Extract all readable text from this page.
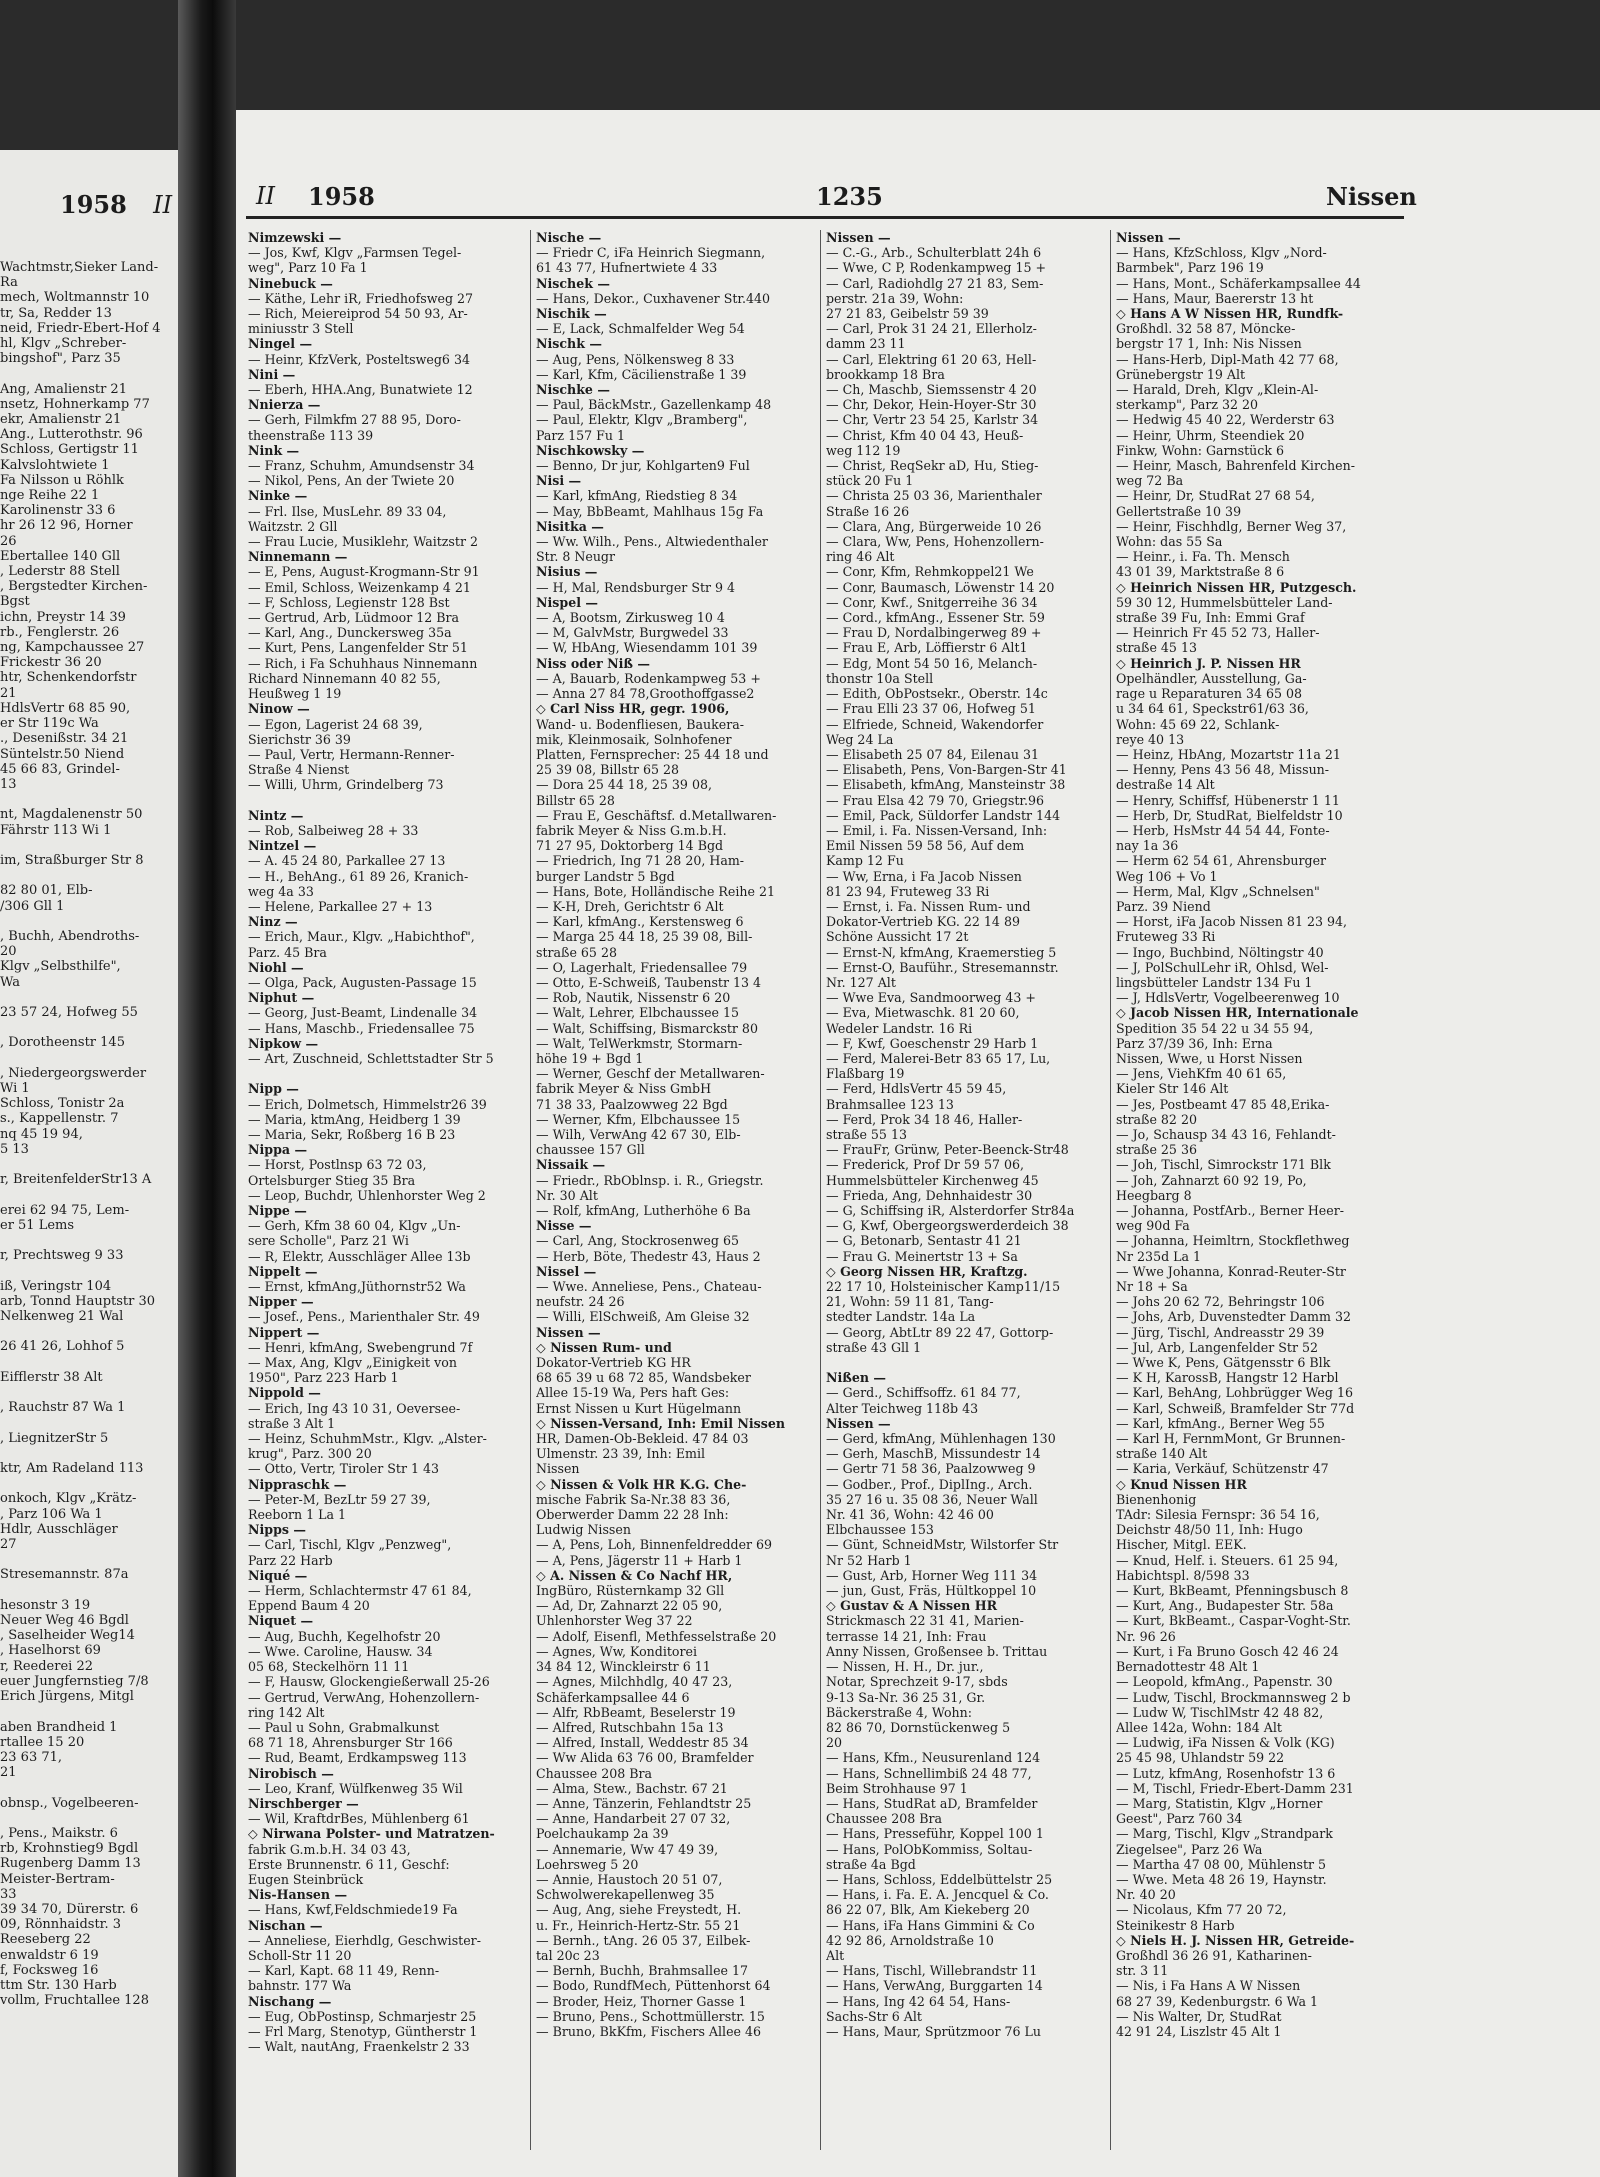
1958 II
Wachtmstr,Sieker Land-
Ra
mech, Woltmannstr 10
tr, Sa, Redder 13
neid, Friedr-Ebert-Hof 4
hl, Klgv „Schreber-
bingshof", Parz 35

Ang, Amalienstr 21
nsetz, Hohnerkamp 77
ekr, Amalienstr 21
Ang., Lutterothstr. 96
Schloss, Gertigstr 11
Kalvslohtwiete 1
Fa Nilsson u Röhlk
nge Reihe 22 1
Karolinenstr 33 6
hr 26 12 96, Horner
26
Ebertallee 140 Gll
, Lederstr 88 Stell
, Bergstedter Kirchen-
Bgst
ichn, Preystr 14 39
rb., Fenglerstr. 26
ng, Kampchaussee 27
Frickestr 36 20
htr, Schenkendorfstr
21
HdlsVertr 68 85 90,
er Str 119c Wa
., Desenißstr. 34 21
Süntelstr.50 Niend
45 66 83, Grindel-
13

nt, Magdalenenstr 50
Fährstr 113 Wi 1

im, Straßburger Str 8

82 80 01, Elb-
/306 Gll 1

, Buchh, Abendroths-
20
Klgv „Selbsthilfe",
Wa

23 57 24, Hofweg 55

, Dorotheenstr 145

, Niedergeorgswerder
Wi 1
Schloss, Tonistr 2a
s., Kappellenstr. 7
nq 45 19 94,
5 13

r, BreitenfelderStr13 A

erei 62 94 75, Lem-
er 51 Lems

r, Prechtsweg 9 33

iß, Veringstr 104
arb, Tonnd Hauptstr 30
Nelkenweg 21 Wal

26 41 26, Lohhof 5

Eifflerstr 38 Alt

, Rauchstr 87 Wa 1

, LiegnitzerStr 5

ktr, Am Radeland 113

onkoch, Klgv „Krätz-
, Parz 106 Wa 1
Hdlr, Ausschläger
27

Stresemannstr. 87a

hesonstr 3 19
Neuer Weg 46 Bgdl
, Saselheider Weg14
, Haselhorst 69
r, Reederei 22
euer Jungfernstieg 7/8
Erich Jürgens, Mitgl

aben Brandheid 1
rtallee 15 20
23 63 71,
21

obnsp., Vogelbeeren-

, Pens., Maikstr. 6
rb, Krohnstieg9 Bgdl
Rugenberg Damm 13
Meister-Bertram-
33
39 34 70, Dürerstr. 6
09, Rönnhaidstr. 3
Reeseberg 22
enwaldstr 6 19
f, Focksweg 16
ttm Str. 130 Harb
vollm, Fruchtallee 128
II 1958	1235	Nissen
Nimzewski —
— Jos, Kwf, Klgv „Farmsen Tegel-
weg", Parz 10 Fa 1
Ninebuck —
— Käthe, Lehr iR, Friedhofsweg 27
— Rich, Meiereiprod 54 50 93, Ar-
miniusstr 3 Stell
Ningel —
— Heinr, KfzVerk, Posteltsweg6 34
Nini —
— Eberh, HHA.Ang, Bunatwiete 12
Nnierza —
— Gerh, Filmkfm 27 88 95, Doro-
theenstraße 113 39
Nink —
— Franz, Schuhm, Amundsenstr 34
— Nikol, Pens, An der Twiete 20
Ninke —
— Frl. Ilse, MusLehr. 89 33 04,
Waitzstr. 2 Gll
— Frau Lucie, Musiklehr, Waitzstr 2
Ninnemann —
— E, Pens, August-Krogmann-Str 91
— Emil, Schloss, Weizenkamp 4 21
— F, Schloss, Legienstr 128 Bst
— Gertrud, Arb, Lüdmoor 12 Bra
— Karl, Ang., Dunckersweg 35a
— Kurt, Pens, Langenfelder Str 51
— Rich, i Fa Schuhhaus Ninnemann
Richard Ninnemann 40 82 55,
Heußweg 1 19
Ninow —
— Egon, Lagerist 24 68 39,
Sierichstr 36 39
— Paul, Vertr, Hermann-Renner-
Straße 4 Nienst
— Willi, Uhrm, Grindelberg 73

Nintz —
— Rob, Salbeiweg 28 + 33
Nintzel —
— A. 45 24 80, Parkallee 27 13
— H., BehAng., 61 89 26, Kranich-
weg 4a 33
— Helene, Parkallee 27 + 13
Ninz —
— Erich, Maur., Klgv. „Habichthof",
Parz. 45 Bra
Niohl —
— Olga, Pack, Augusten-Passage 15
Niphut —
— Georg, Just-Beamt, Lindenalle 34
— Hans, Maschb., Friedensallee 75
Nipkow —
— Art, Zuschneid, Schlettstadter Str 5

Nipp —
— Erich, Dolmetsch, Himmelstr26 39
— Maria, ktmAng, Heidberg 1 39
— Maria, Sekr, Roßberg 16 B 23
Nippa —
— Horst, Postlnsp 63 72 03,
Ortelsburger Stieg 35 Bra
— Leop, Buchdr, Uhlenhorster Weg 2
Nippe —
— Gerh, Kfm 38 60 04, Klgv „Un-
sere Scholle", Parz 21 Wi
— R, Elektr, Ausschläger Allee 13b
Nippelt —
— Ernst, kfmAng,Jüthornstr52 Wa
Nipper —
— Josef., Pens., Marienthaler Str. 49
Nippert —
— Henri, kfmAng, Swebengrund 7f
— Max, Ang, Klgv „Einigkeit von
1950", Parz 223 Harb 1
Nippold —
— Erich, Ing 43 10 31, Oeversee-
straße 3 Alt 1
— Heinz, SchuhmMstr., Klgv. „Alster-
krug", Parz. 300 20
— Otto, Vertr, Tiroler Str 1 43
Nippraschk —
— Peter-M, BezLtr 59 27 39,
Reeborn 1 La 1
Nipps —
— Carl, Tischl, Klgv „Penzweg",
Parz 22 Harb
Niqué —
— Herm, Schlachtermstr 47 61 84,
Eppend Baum 4 20
Niquet —
— Aug, Buchh, Kegelhofstr 20
— Wwe. Caroline, Hausw. 34
05 68, Steckelhörn 11 11
— F, Hausw, Glockengießerwall 25-26
— Gertrud, VerwAng, Hohenzollern-
ring 142 Alt
— Paul u Sohn, Grabmalkunst
68 71 18, Ahrensburger Str 166
— Rud, Beamt, Erdkampsweg 113
Nirobisch —
— Leo, Kranf, Wülfkenweg 35 Wil
Nirschberger —
— Wil, KraftdrBes, Mühlenberg 61
◇ Nirwana Polster- und Matratzen-
fabrik G.m.b.H. 34 03 43,
Erste Brunnenstr. 6 11, Geschf:
Eugen Steinbrück
Nis-Hansen —
— Hans, Kwf,Feldschmiede19 Fa
Nischan —
— Anneliese, Eierhdlg, Geschwister-
Scholl-Str 11 20
— Karl, Kapt. 68 11 49, Renn-
bahnstr. 177 Wa
Nischang —
— Eug, ObPostinsp, Schmarjestr 25
— Frl Marg, Stenotyp, Güntherstr 1
— Walt, nautAng, Fraenkelstr 2 33
Nische —
— Friedr C, iFa Heinrich Siegmann,
61 43 77, Hufnertwiete 4 33
Nischek —
— Hans, Dekor., Cuxhavener Str.440
Nischik —
— E, Lack, Schmalfelder Weg 54
Nischk —
— Aug, Pens, Nölkensweg 8 33
— Karl, Kfm, Cäcilienstraße 1 39
Nischke —
— Paul, BäckMstr., Gazellenkamp 48
— Paul, Elektr, Klgv „Bramberg",
Parz 157 Fu 1
Nischkowsky —
— Benno, Dr jur, Kohlgarten9 Ful
Nisi —
— Karl, kfmAng, Riedstieg 8 34
— May, BbBeamt, Mahlhaus 15g Fa
Nisitka —
— Ww. Wilh., Pens., Altwiedenthaler
Str. 8 Neugr
Nisius —
— H, Mal, Rendsburger Str 9 4
Nispel —
— A, Bootsm, Zirkusweg 10 4
— M, GalvMstr, Burgwedel 33
— W, HbAng, Wiesendamm 101 39
Niss oder Niß —
— A, Bauarb, Rodenkampweg 53 +
— Anna 27 84 78,Groothoffgasse2
◇ Carl Niss HR, gegr. 1906,
Wand- u. Bodenfliesen, Baukera-
mik, Kleinmosaik, Solnhofener
Platten, Fernsprecher: 25 44 18 und
25 39 08, Billstr 65 28
— Dora 25 44 18, 25 39 08,
Billstr 65 28
— Frau E, Geschäftsf. d.Metallwaren-
fabrik Meyer & Niss G.m.b.H.
71 27 95, Doktorberg 14 Bgd
— Friedrich, Ing 71 28 20, Ham-
burger Landstr 5 Bgd
— Hans, Bote, Holländische Reihe 21
— K-H, Dreh, Gerichtstr 6 Alt
— Karl, kfmAng., Kerstensweg 6
— Marga 25 44 18, 25 39 08, Bill-
straße 65 28
— O, Lagerhalt, Friedensallee 79
— Otto, E-Schweiß, Taubenstr 13 4
— Rob, Nautik, Nissenstr 6 20
— Walt, Lehrer, Elbchaussee 15
— Walt, Schiffsing, Bismarckstr 80
— Walt, TelWerkmstr, Stormarn-
höhe 19 + Bgd 1
— Werner, Geschf der Metallwaren-
fabrik Meyer & Niss GmbH
71 38 33, Paalzowweg 22 Bgd
— Werner, Kfm, Elbchaussee 15
— Wilh, VerwAng 42 67 30, Elb-
chaussee 157 Gll
Nissaik —
— Friedr., RbOblnsp. i. R., Griegstr.
Nr. 30 Alt
— Rolf, kfmAng, Lutherhöhe 6 Ba
Nisse —
— Carl, Ang, Stockrosenweg 65
— Herb, Böte, Thedestr 43, Haus 2
Nissel —
— Wwe. Anneliese, Pens., Chateau-
neufstr. 24 26
— Willi, ElSchweiß, Am Gleise 32
Nissen —
◇ Nissen Rum- und
Dokator-Vertrieb KG HR
68 65 39 u 68 72 85, Wandsbeker
Allee 15-19 Wa, Pers haft Ges:
Ernst Nissen u Kurt Hügelmann
◇ Nissen-Versand, Inh: Emil Nissen
HR, Damen-Ob-Bekleid. 47 84 03
Ulmenstr. 23 39, Inh: Emil
Nissen
◇ Nissen & Volk HR K.G. Che-
mische Fabrik Sa-Nr.38 83 36,
Oberwerder Damm 22 28 Inh:
Ludwig Nissen
— A, Pens, Loh, Binnenfeldredder 69
— A, Pens, Jägerstr 11 + Harb 1
◇ A. Nissen & Co Nachf HR,
IngBüro, Rüsternkamp 32 Gll
— Ad, Dr, Zahnarzt 22 05 90,
Uhlenhorster Weg 37 22
— Adolf, Eisenfl, Methfesselstraße 20
— Agnes, Ww, Konditorei
34 84 12, Winckleirstr 6 11
— Agnes, Milchhdlg, 40 47 23,
Schäferkampsallee 44 6
— Alfr, RbBeamt, Beselerstr 19
— Alfred, Rutschbahn 15a 13
— Alfred, Install, Weddestr 85 34
— Ww Alida 63 76 00, Bramfelder
Chaussee 208 Bra
— Alma, Stew., Bachstr. 67 21
— Anne, Tänzerin, Fehlandtstr 25
— Anne, Handarbeit 27 07 32,
Poelchaukamp 2a 39
— Annemarie, Ww 47 49 39,
Loehrsweg 5 20
— Annie, Haustoch 20 51 07,
Schwolwerekapellenweg 35
— Aug, Ang, siehe Freystedt, H.
u. Fr., Heinrich-Hertz-Str. 55 21
— Bernh., tAng. 26 05 37, Eilbek-
tal 20c 23
— Bernh, Buchh, Brahmsallee 17
— Bodo, RundfMech, Püttenhorst 64
— Broder, Heiz, Thorner Gasse 1
— Bruno, Pens., Schottmüllerstr. 15
— Bruno, BkKfm, Fischers Allee 46
Nissen —
— C.-G., Arb., Schulterblatt 24h 6
— Wwe, C P, Rodenkampweg 15 +
— Carl, Radiohdlg 27 21 83, Sem-
perstr. 21a 39, Wohn:
27 21 83, Geibelstr 59 39
— Carl, Prok 31 24 21, Ellerholz-
damm 23 11
— Carl, Elektring 61 20 63, Hell-
brookkamp 18 Bra
— Ch, Maschb, Siemssenstr 4 20
— Chr, Dekor, Hein-Hoyer-Str 30
— Chr, Vertr 23 54 25, Karlstr 34
— Christ, Kfm 40 04 43, Heuß-
weg 112 19
— Christ, ReqSekr aD, Hu, Stieg-
stück 20 Fu 1
— Christa 25 03 36, Marienthaler
Straße 16 26
— Clara, Ang, Bürgerweide 10 26
— Clara, Ww, Pens, Hohenzollern-
ring 46 Alt
— Conr, Kfm, Rehmkoppel21 We
— Conr, Baumasch, Löwenstr 14 20
— Conr, Kwf., Snitgerreihe 36 34
— Cord., kfmAng., Essener Str. 59
— Frau D, Nordalbingerweg 89 +
— Frau E, Arb, Löffierstr 6 Alt1
— Edg, Mont 54 50 16, Melanch-
thonstr 10a Stell
— Edith, ObPostsekr., Oberstr. 14c
— Frau Elli 23 37 06, Hofweg 51
— Elfriede, Schneid, Wakendorfer
Weg 24 La
— Elisabeth 25 07 84, Eilenau 31
— Elisabeth, Pens, Von-Bargen-Str 41
— Elisabeth, kfmAng, Mansteinstr 38
— Frau Elsa 42 79 70, Griegstr.96
— Emil, Pack, Süldorfer Landstr 144
— Emil, i. Fa. Nissen-Versand, Inh:
Emil Nissen 59 58 56, Auf dem
Kamp 12 Fu
— Ww, Erna, i Fa Jacob Nissen
81 23 94, Fruteweg 33 Ri
— Ernst, i. Fa. Nissen Rum- und
Dokator-Vertrieb KG. 22 14 89
Schöne Aussicht 17 2t
— Ernst-N, kfmAng, Kraemerstieg 5
— Ernst-O, Bauführ., Stresemannstr.
Nr. 127 Alt
— Wwe Eva, Sandmoorweg 43 +
— Eva, Mietwaschk. 81 20 60,
Wedeler Landstr. 16 Ri
— F, Kwf, Goeschenstr 29 Harb 1
— Ferd, Malerei-Betr 83 65 17, Lu,
Flaßbarg 19
— Ferd, HdlsVertr 45 59 45,
Brahmsallee 123 13
— Ferd, Prok 34 18 46, Haller-
straße 55 13
— FrauFr, Grünw, Peter-Beenck-Str48
— Frederick, Prof Dr 59 57 06,
Hummelsbütteler Kirchenweg 45
— Frieda, Ang, Dehnhaidestr 30
— G, Schiffsing iR, Alsterdorfer Str84a
— G, Kwf, Obergeorgswerderdeich 38
— G, Betonarb, Sentastr 41 21
— Frau G. Meinertstr 13 + Sa
◇ Georg Nissen HR, Kraftzg.
22 17 10, Holsteinischer Kamp11/15
21, Wohn: 59 11 81, Tang-
stedter Landstr. 14a La
— Georg, AbtLtr 89 22 47, Gottorp-
straße 43 Gll 1

Nißen —
— Gerd., Schiffsoffz. 61 84 77,
Alter Teichweg 118b 43
Nissen —
— Gerd, kfmAng, Mühlenhagen 130
— Gerh, MaschB, Missundestr 14
— Gertr 71 58 36, Paalzowweg 9
— Godber., Prof., DiplIng., Arch.
35 27 16 u. 35 08 36, Neuer Wall
Nr. 41 36, Wohn: 42 46 00
Elbchaussee 153
— Günt, SchneidMstr, Wilstorfer Str
Nr 52 Harb 1
— Gust, Arb, Horner Weg 111 34
— jun, Gust, Fräs, Hültkoppel 10
◇ Gustav & A Nissen HR
Strickmasch 22 31 41, Marien-
terrasse 14 21, Inh: Frau
Anny Nissen, Großensee b. Trittau
— Nissen, H. H., Dr. jur.,
Notar, Sprechzeit 9-17, sbds
9-13 Sa-Nr. 36 25 31, Gr.
Bäckerstraße 4, Wohn:
82 86 70, Dornstückenweg 5
20
— Hans, Kfm., Neusurenland 124
— Hans, Schnellimbiß 24 48 77,
Beim Strohhause 97 1
— Hans, StudRat aD, Bramfelder
Chaussee 208 Bra
— Hans, Presseführ, Koppel 100 1
— Hans, PolObKommiss, Soltau-
straße 4a Bgd
— Hans, Schloss, Eddelbüttelstr 25
— Hans, i. Fa. E. A. Jencquel & Co.
86 22 07, Blk, Am Kiekeberg 20
— Hans, iFa Hans Gimmini & Co
42 92 86, Arnoldstraße 10
Alt
— Hans, Tischl, Willebrandstr 11
— Hans, VerwAng, Burggarten 14
— Hans, Ing 42 64 54, Hans-
Sachs-Str 6 Alt
— Hans, Maur, Sprützmoor 76 Lu
Nissen —
— Hans, KfzSchloss, Klgv „Nord-
Barmbek", Parz 196 19
— Hans, Mont., Schäferkampsallee 44
— Hans, Maur, Baererstr 13 ht
◇ Hans A W Nissen HR, Rundfk-
Großhdl. 32 58 87, Möncke-
bergstr 17 1, Inh: Nis Nissen
— Hans-Herb, Dipl-Math 42 77 68,
Grünebergstr 19 Alt
— Harald, Dreh, Klgv „Klein-Al-
sterkamp", Parz 32 20
— Hedwig 45 40 22, Werderstr 63
— Heinr, Uhrm, Steendiek 20
Finkw, Wohn: Garnstück 6
— Heinr, Masch, Bahrenfeld Kirchen-
weg 72 Ba
— Heinr, Dr, StudRat 27 68 54,
Gellertstraße 10 39
— Heinr, Fischhdlg, Berner Weg 37,
Wohn: das 55 Sa
— Heinr., i. Fa. Th. Mensch
43 01 39, Marktstraße 8 6
◇ Heinrich Nissen HR, Putzgesch.
59 30 12, Hummelsbütteler Land-
straße 39 Fu, Inh: Emmi Graf
— Heinrich Fr 45 52 73, Haller-
straße 45 13
◇ Heinrich J. P. Nissen HR
Opelhändler, Ausstellung, Ga-
rage u Reparaturen 34 65 08
u 34 64 61, Speckstr61/63 36,
Wohn: 45 69 22, Schlank-
reye 40 13
— Heinz, HbAng, Mozartstr 11a 21
— Henny, Pens 43 56 48, Missun-
destraße 14 Alt
— Henry, Schiffsf, Hübenerstr 1 11
— Herb, Dr, StudRat, Bielfeldstr 10
— Herb, HsMstr 44 54 44, Fonte-
nay 1a 36
— Herm 62 54 61, Ahrensburger
Weg 106 + Vo 1
— Herm, Mal, Klgv „Schnelsen"
Parz. 39 Niend
— Horst, iFa Jacob Nissen 81 23 94,
Fruteweg 33 Ri
— Ingo, Buchbind, Nöltingstr 40
— J, PolSchulLehr iR, Ohlsd, Wel-
lingsbütteler Landstr 134 Fu 1
— J, HdlsVertr, Vogelbeerenweg 10
◇ Jacob Nissen HR, Internationale
Spedition 35 54 22 u 34 55 94,
Parz 37/39 36, Inh: Erna
Nissen, Wwe, u Horst Nissen
— Jens, ViehKfm 40 61 65,
Kieler Str 146 Alt
— Jes, Postbeamt 47 85 48,Erika-
straße 82 20
— Jo, Schausp 34 43 16, Fehlandt-
straße 25 36
— Joh, Tischl, Simrockstr 171 Blk
— Joh, Zahnarzt 60 92 19, Po,
Heegbarg 8
— Johanna, PostfArb., Berner Heer-
weg 90d Fa
— Johanna, Heimltrn, Stockflethweg
Nr 235d La 1
— Wwe Johanna, Konrad-Reuter-Str
Nr 18 + Sa
— Johs 20 62 72, Behringstr 106
— Johs, Arb, Duvenstedter Damm 32
— Jürg, Tischl, Andreasstr 29 39
— Jul, Arb, Langenfelder Str 52
— Wwe K, Pens, Gätgensstr 6 Blk
— K H, KarossB, Hangstr 12 Harbl
— Karl, BehAng, Lohbrügger Weg 16
— Karl, Schweiß, Bramfelder Str 77d
— Karl, kfmAng., Berner Weg 55
— Karl H, FernmMont, Gr Brunnen-
straße 140 Alt
— Karia, Verkäuf, Schützenstr 47
◇ Knud Nissen HR
Bienenhonig
TAdr: Silesia Fernspr: 36 54 16,
Deichstr 48/50 11, Inh: Hugo
Hischer, Mitgl. EEK.
— Knud, Helf. i. Steuers. 61 25 94,
Habichtspl. 8/598 33
— Kurt, BkBeamt, Pfenningsbusch 8
— Kurt, Ang., Budapester Str. 58a
— Kurt, BkBeamt., Caspar-Voght-Str.
Nr. 96 26
— Kurt, i Fa Bruno Gosch 42 46 24
Bernadottestr 48 Alt 1
— Leopold, kfmAng., Papenstr. 30
— Ludw, Tischl, Brockmannsweg 2 b
— Ludw W, TischlMstr 42 48 82,
Allee 142a, Wohn: 184 Alt
— Ludwig, iFa Nissen & Volk (KG)
25 45 98, Uhlandstr 59 22
— Lutz, kfmAng, Rosenhofstr 13 6
— M, Tischl, Friedr-Ebert-Damm 231
— Marg, Statistin, Klgv „Horner
Geest", Parz 760 34
— Marg, Tischl, Klgv „Strandpark
Ziegelsee", Parz 26 Wa
— Martha 47 08 00, Mühlenstr 5
— Wwe. Meta 48 26 19, Haynstr.
Nr. 40 20
— Nicolaus, Kfm 77 20 72,
Steinikestr 8 Harb
◇ Niels H. J. Nissen HR, Getreide-
Großhdl 36 26 91, Katharinen-
str. 3 11
— Nis, i Fa Hans A W Nissen
68 27 39, Kedenburgstr. 6 Wa 1
— Nis Walter, Dr, StudRat
42 91 24, Liszlstr 45 Alt 1
